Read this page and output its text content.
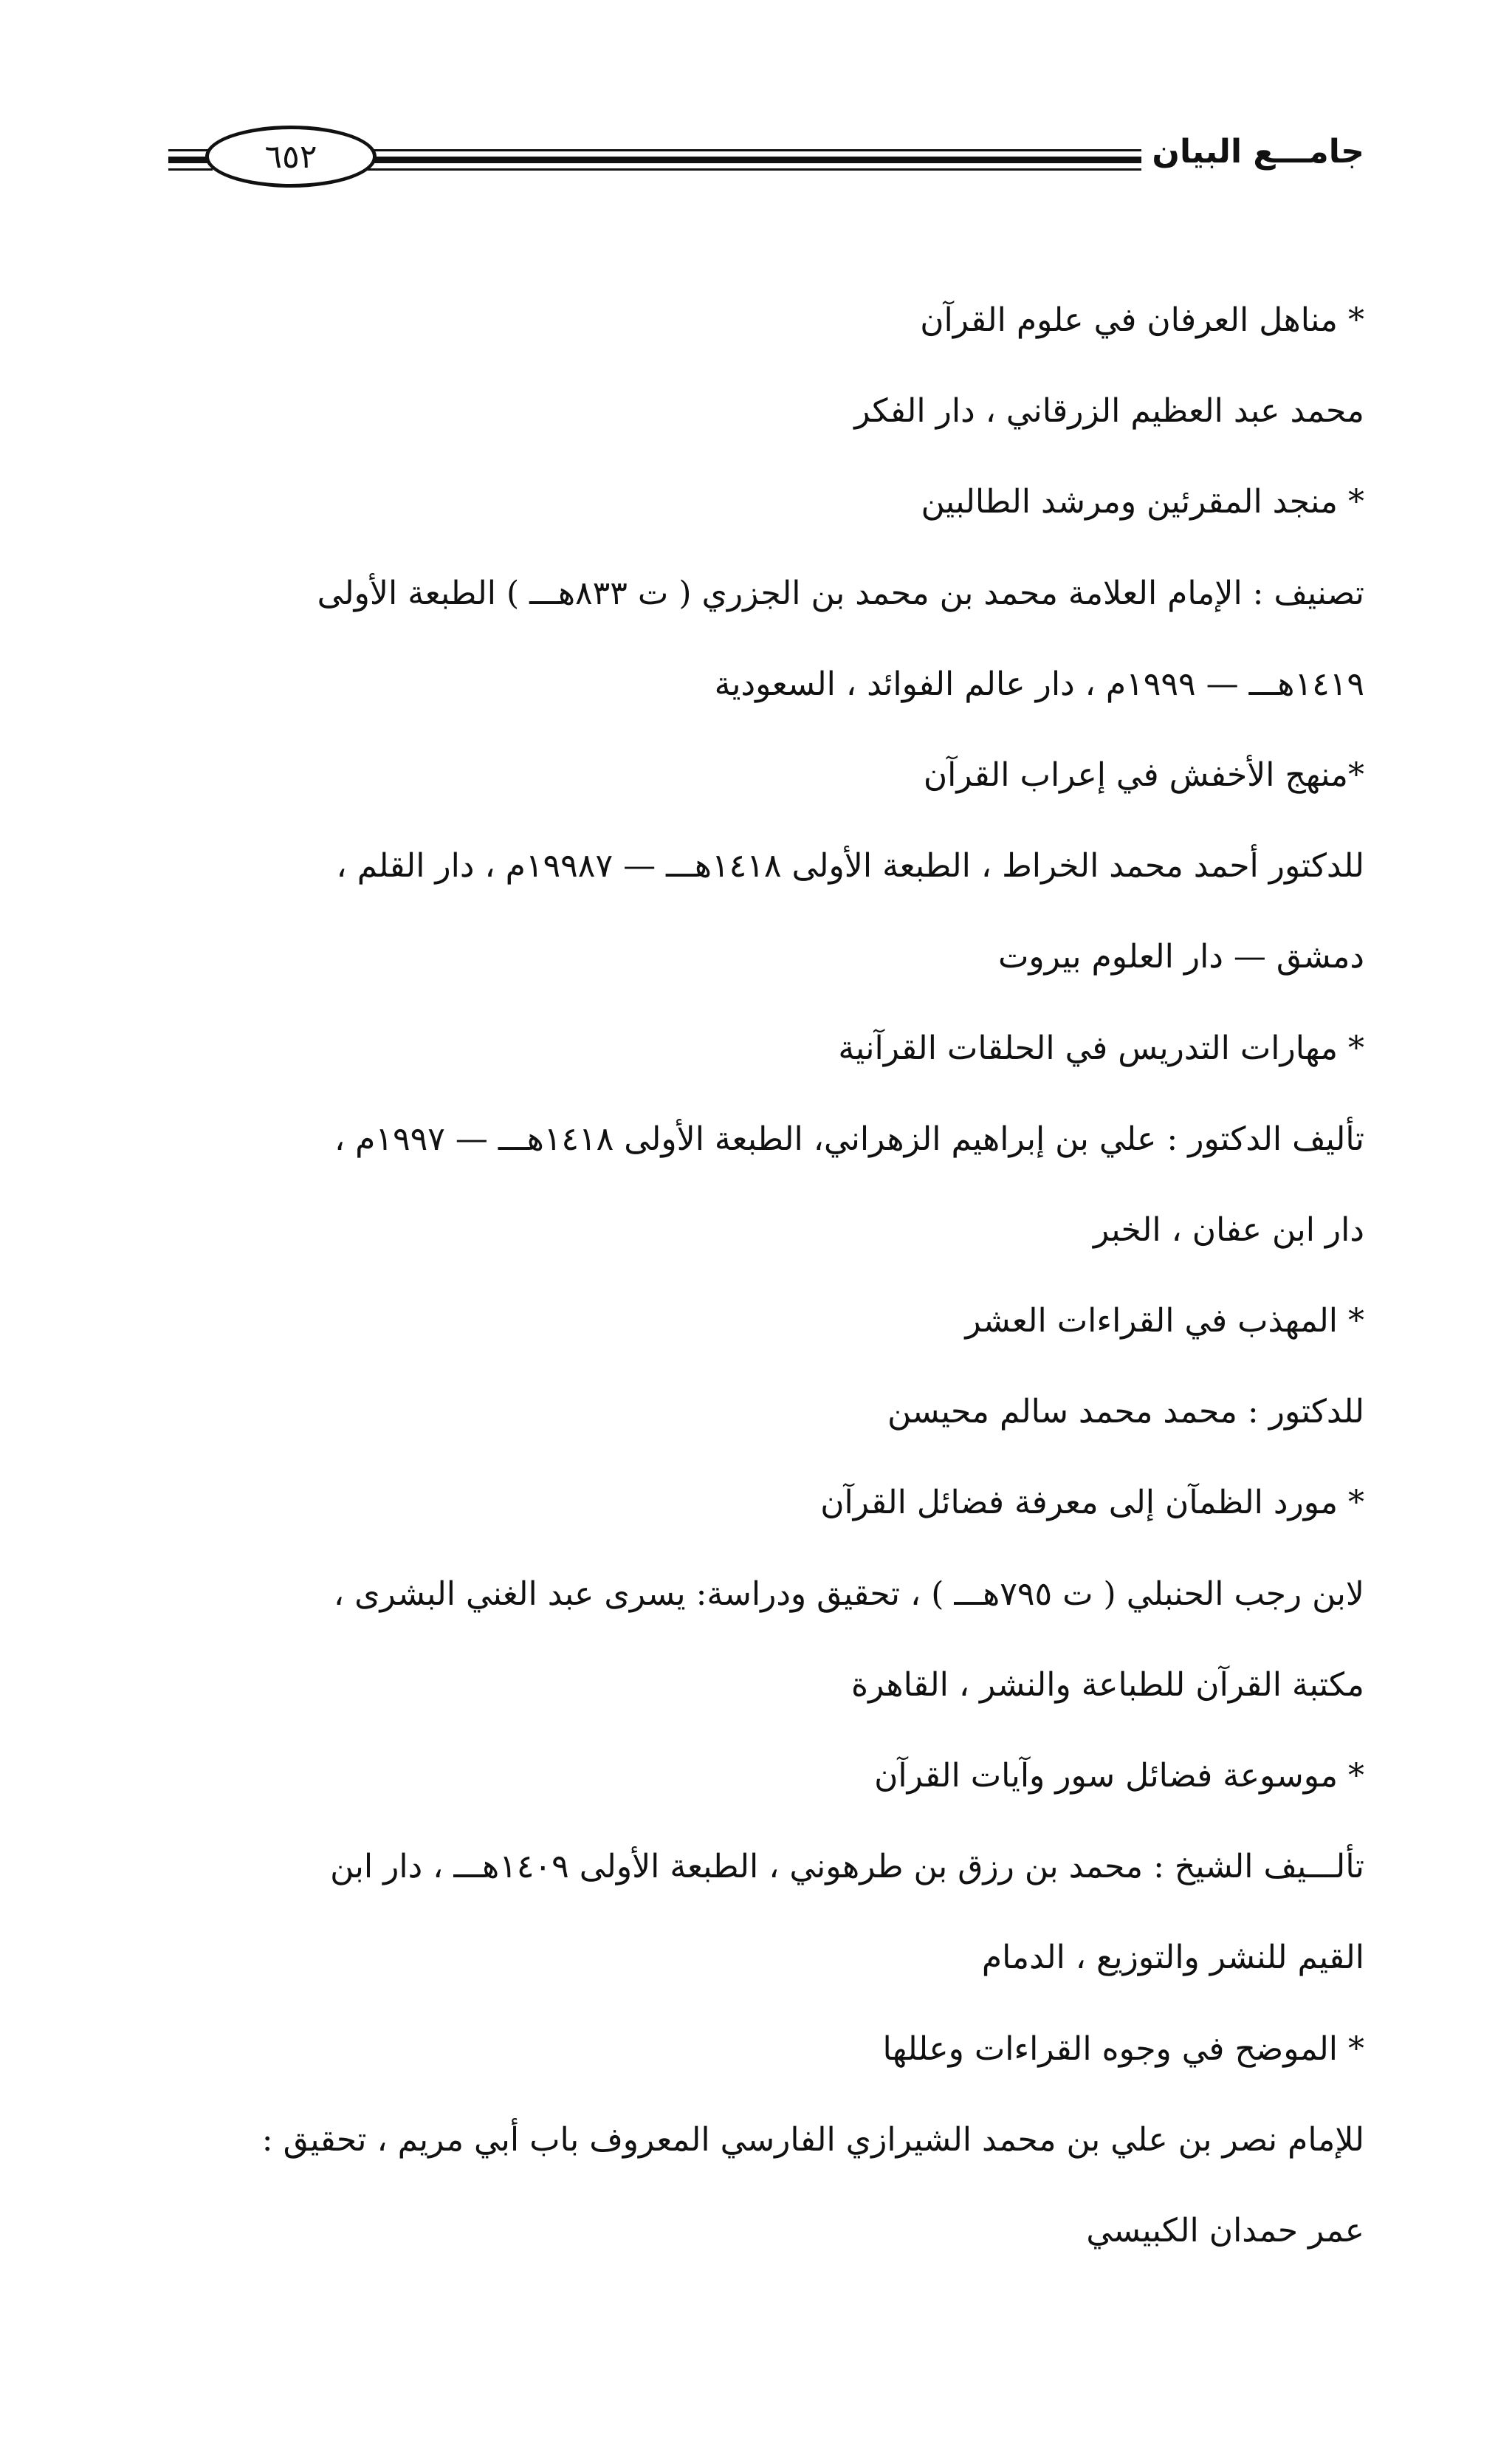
٦٥٢	جامـــع البيان
* مناهل العرفان في علوم القرآن
محمد عبد العظيم الزرقاني ، دار الفكر
* منجد المقرئين ومرشد الطالبين
تصنيف : الإمام العلامة محمد بن محمد بن الجزري ( ت ٨٣٣هـــ ) الطبعة الأولى
١٤١٩هـــ — ١٩٩٩م ، دار عالم الفوائد ، السعودية
*منهج الأخفش في إعراب القرآن
للدكتور أحمد محمد الخراط ، الطبعة الأولى ١٤١٨هـــ — ١٩٩٨٧م ، دار القلم ،
دمشق — دار العلوم بيروت
* مهارات التدريس في الحلقات القرآنية
تأليف الدكتور : علي بن إبراهيم الزهراني، الطبعة الأولى ١٤١٨هـــ — ١٩٩٧م ،
دار ابن عفان ، الخبر
* المهذب في القراءات العشر
للدكتور : محمد محمد سالم محيسن
* مورد الظمآن إلى معرفة فضائل القرآن
لابن رجب الحنبلي ( ت ٧٩٥هـــ ) ، تحقيق ودراسة: يسرى عبد الغني البشرى ،
مكتبة القرآن للطباعة والنشر ، القاهرة
* موسوعة فضائل سور وآيات القرآن
تألـــيف الشيخ : محمد بن رزق بن طرهوني ، الطبعة الأولى ١٤٠٩هـــ ، دار ابن
القيم للنشر والتوزيع ، الدمام
* الموضح في وجوه القراءات وعللها
للإمام نصر بن علي بن محمد الشيرازي الفارسي المعروف باب أبي مريم ، تحقيق :
عمر حمدان الكبيسي
